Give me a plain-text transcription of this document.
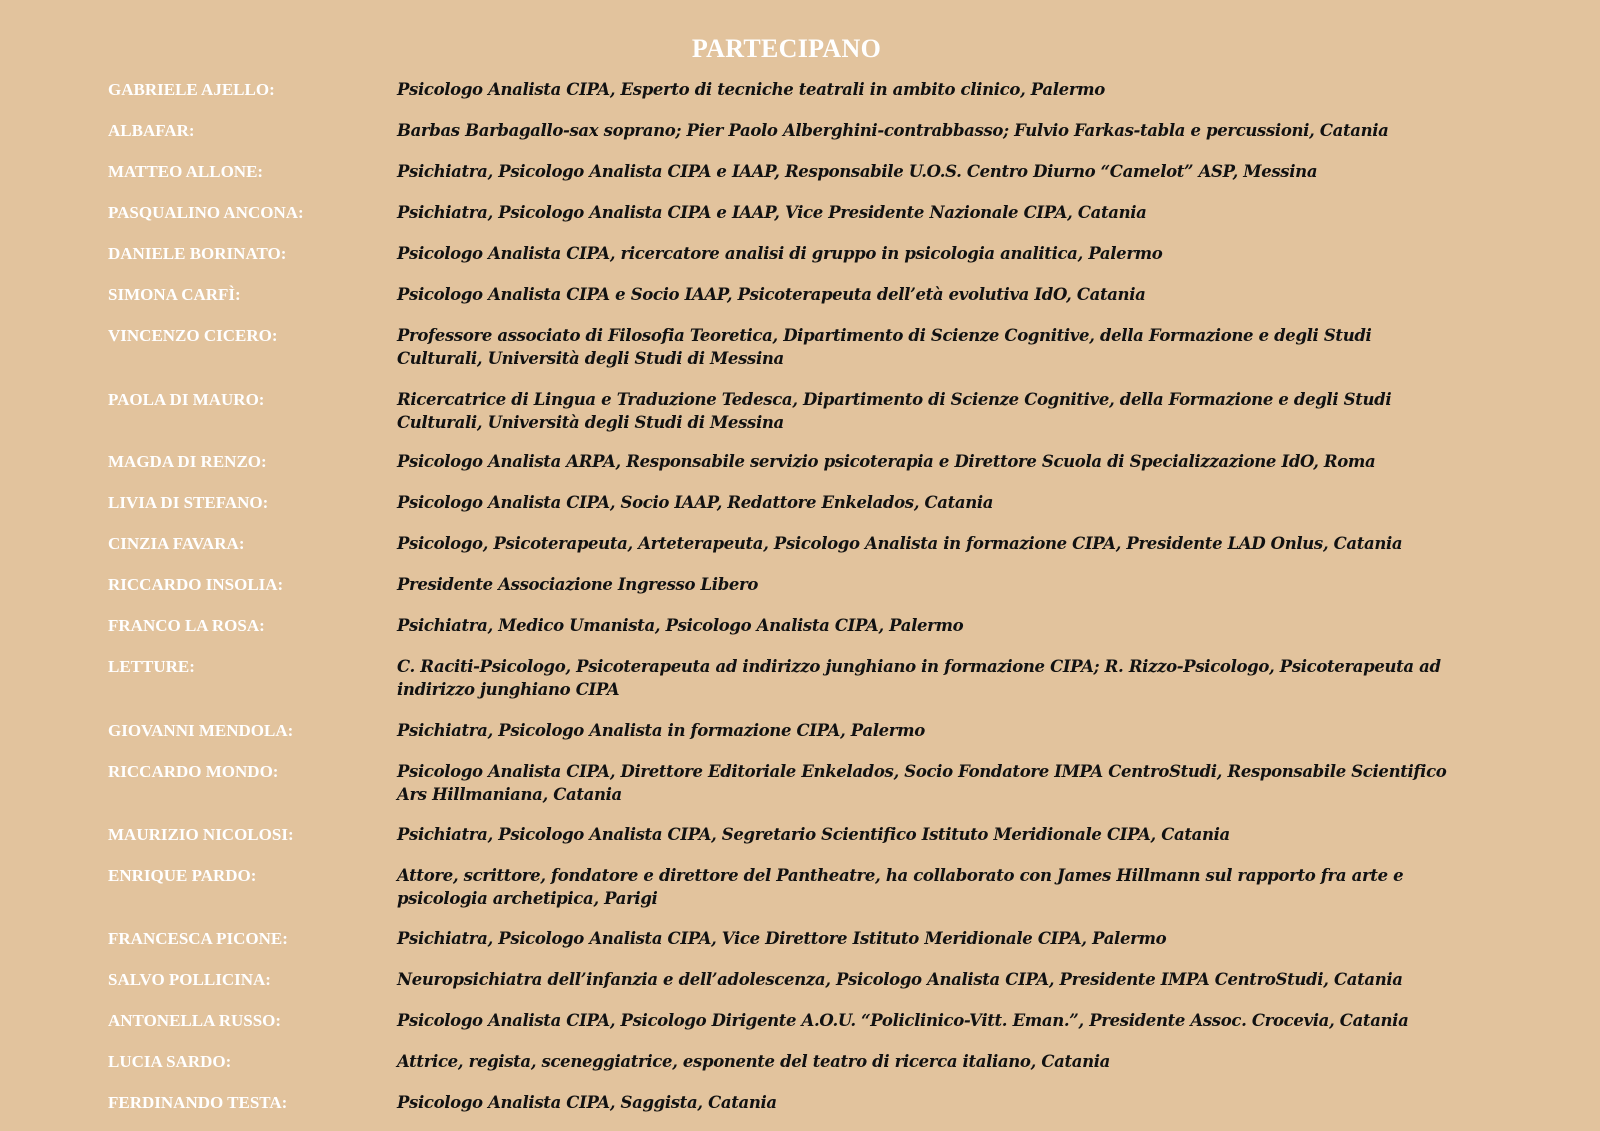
PARTECIPANO
GABRIELE AJELLO:	Psicologo Analista CIPA, Esperto di tecniche teatrali in ambito clinico, Palermo
ALBAFAR:	Barbas Barbagallo-sax soprano; Pier Paolo Alberghini-contrabbasso; Fulvio Farkas-tabla e percussioni, Catania
MATTEO ALLONE:	Psichiatra, Psicologo Analista CIPA e IAAP, Responsabile U.O.S. Centro Diurno “Camelot” ASP, Messina
PASQUALINO ANCONA:	Psichiatra, Psicologo Analista CIPA e IAAP, Vice Presidente Nazionale CIPA, Catania
DANIELE BORINATO:	Psicologo Analista CIPA, ricercatore analisi di gruppo in psicologia analitica, Palermo
SIMONA CARFÌ:	Psicologo Analista CIPA e Socio IAAP, Psicoterapeuta dell’età evolutiva IdO, Catania
VINCENZO CICERO:	Professore associato di Filosofia Teoretica, Dipartimento di Scienze Cognitive, della Formazione e degli Studi Culturali, Università degli Studi di Messina
PAOLA DI MAURO:	Ricercatrice di Lingua e Traduzione Tedesca, Dipartimento di Scienze Cognitive, della Formazione e degli Studi Culturali, Università degli Studi di Messina
MAGDA DI RENZO:	Psicologo Analista ARPA, Responsabile servizio psicoterapia e Direttore Scuola di Specializzazione IdO, Roma
LIVIA DI STEFANO:	Psicologo Analista CIPA, Socio IAAP, Redattore Enkelados, Catania
CINZIA FAVARA:	Psicologo, Psicoterapeuta, Arteterapeuta, Psicologo Analista in formazione CIPA, Presidente LAD Onlus, Catania
RICCARDO INSOLIA:	Presidente Associazione Ingresso Libero
FRANCO LA ROSA:	Psichiatra, Medico Umanista, Psicologo Analista CIPA, Palermo
LETTURE:	C. Raciti-Psicologo, Psicoterapeuta ad indirizzo junghiano in formazione CIPA; R. Rizzo-Psicologo, Psicoterapeuta ad indirizzo junghiano CIPA
GIOVANNI MENDOLA:	Psichiatra, Psicologo Analista in formazione CIPA, Palermo
RICCARDO MONDO:	Psicologo Analista CIPA, Direttore Editoriale Enkelados, Socio Fondatore IMPA CentroStudi, Responsabile Scientifico Ars Hillmaniana, Catania
MAURIZIO NICOLOSI:	Psichiatra, Psicologo Analista CIPA, Segretario Scientifico Istituto Meridionale CIPA, Catania
ENRIQUE PARDO:	Attore, scrittore, fondatore e direttore del Pantheatre, ha collaborato con James Hillmann sul rapporto fra arte e psicologia archetipica, Parigi
FRANCESCA PICONE:	Psichiatra, Psicologo Analista CIPA, Vice Direttore Istituto Meridionale CIPA, Palermo
SALVO POLLICINA:	Neuropsichiatra dell’infanzia e dell’adolescenza, Psicologo Analista CIPA, Presidente IMPA CentroStudi, Catania
ANTONELLA RUSSO:	Psicologo Analista CIPA, Psicologo Dirigente A.O.U. “Policlinico-Vitt. Eman.”, Presidente Assoc. Crocevia, Catania
LUCIA SARDO:	Attrice, regista, sceneggiatrice, esponente del teatro di ricerca italiano, Catania
FERDINANDO TESTA:	Psicologo Analista CIPA, Saggista, Catania
